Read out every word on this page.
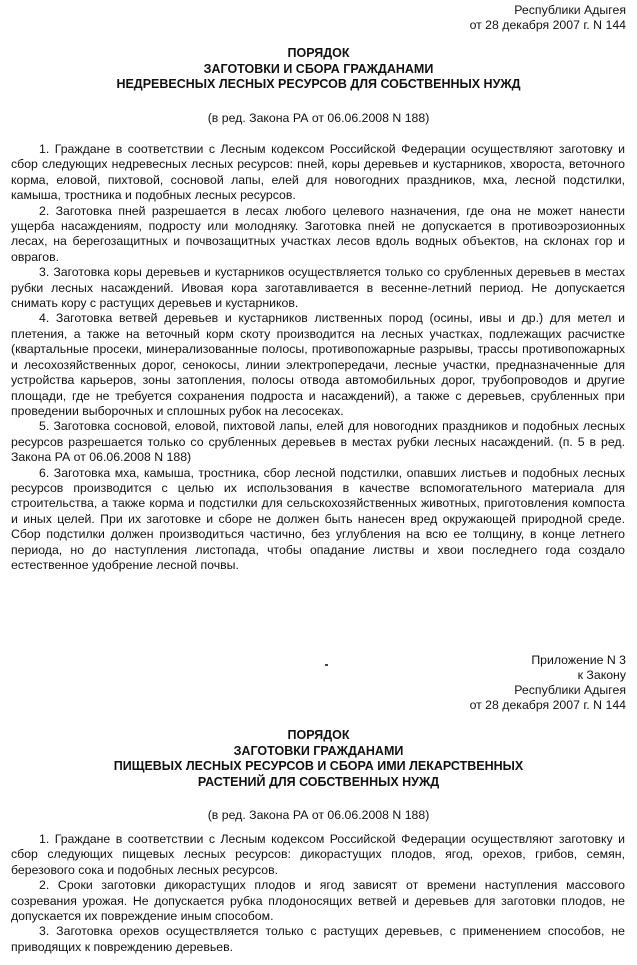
Республики Адыгея
от 28 декабря 2007 г. N 144
ПОРЯДОК
ЗАГОТОВКИ И СБОРА ГРАЖДАНАМИ
НЕДРЕВЕСНЫХ ЛЕСНЫХ РЕСУРСОВ ДЛЯ СОБСТВЕННЫХ НУЖД
(в ред. Закона РА от 06.06.2008 N 188)

1. Граждане в соответствии с Лесным кодексом Российской Федерации осуществляют заготовку и сбор следующих недревесных лесных ресурсов: пней, коры деревьев и кустарников, хвороста, веточного корма, еловой, пихтовой, сосновой лапы, елей для новогодних праздников, мха, лесной подстилки, камыша, тростника и подобных лесных ресурсов.

2. Заготовка пней разрешается в лесах любого целевого назначения, где она не может нанести ущерба насаждениям, подросту или молодняку. Заготовка пней не допускается в противоэрозионных лесах, на берегозащитных и почвозащитных участках лесов вдоль водных объектов, на склонах гор и оврагов.

3. Заготовка коры деревьев и кустарников осуществляется только со срубленных деревьев в местах рубки лесных насаждений. Ивовая кора заготавливается в весенне-летний период. Не допускается снимать кору с растущих деревьев и кустарников.

4. Заготовка ветвей деревьев и кустарников лиственных пород (осины, ивы и др.) для метел и плетения, а также на веточный корм скоту производится на лесных участках, подлежащих расчистке (квартальные просеки, минерализованные полосы, противопожарные разрывы, трассы противопожарных и лесохозяйственных дорог, сенокосы, линии электропередачи, лесные участки, предназначенные для устройства карьеров, зоны затопления, полосы отвода автомобильных дорог, трубопроводов и другие площади, где не требуется сохранения подроста и насаждений), а также с деревьев, срубленных при проведении выборочных и сплошных рубок на лесосеках.

5. Заготовка сосновой, еловой, пихтовой лапы, елей для новогодних праздников и подобных лесных ресурсов разрешается только со срубленных деревьев в местах рубки лесных насаждений. (п. 5 в ред. Закона РА от 06.06.2008 N 188)

6. Заготовка мха, камыша, тростника, сбор лесной подстилки, опавших листьев и подобных лесных ресурсов производится с целью их использования в качестве вспомогательного материала для строительства, а также корма и подстилки для сельскохозяйственных животных, приготовления компоста и иных целей. При их заготовке и сборе не должен быть нанесен вред окружающей природной среде. Сбор подстилки должен производиться частично, без углубления на всю ее толщину, в конце летнего периода, но до наступления листопада, чтобы опадание листвы и хвои последнего года создало естественное удобрение лесной почвы.

Приложение N 3
к Закону
Республики Адыгея
от 28 декабря 2007 г. N 144
ПОРЯДОК
ЗАГОТОВКИ ГРАЖДАНАМИ
ПИЩЕВЫХ ЛЕСНЫХ РЕСУРСОВ И СБОРА ИМИ ЛЕКАРСТВЕННЫХ
РАСТЕНИЙ ДЛЯ СОБСТВЕННЫХ НУЖД
(в ред. Закона РА от 06.06.2008 N 188)

1. Граждане в соответствии с Лесным кодексом Российской Федерации осуществляют заготовку и сбор следующих пищевых лесных ресурсов: дикорастущих плодов, ягод, орехов, грибов, семян, березового сока и подобных лесных ресурсов.

2. Сроки заготовки дикорастущих плодов и ягод зависят от времени наступления массового созревания урожая. Не допускается рубка плодоносящих ветвей и деревьев для заготовки плодов, не допускается их повреждение иным способом.

3. Заготовка орехов осуществляется только с растущих деревьев, с применением способов, не приводящих к повреждению деревьев.
